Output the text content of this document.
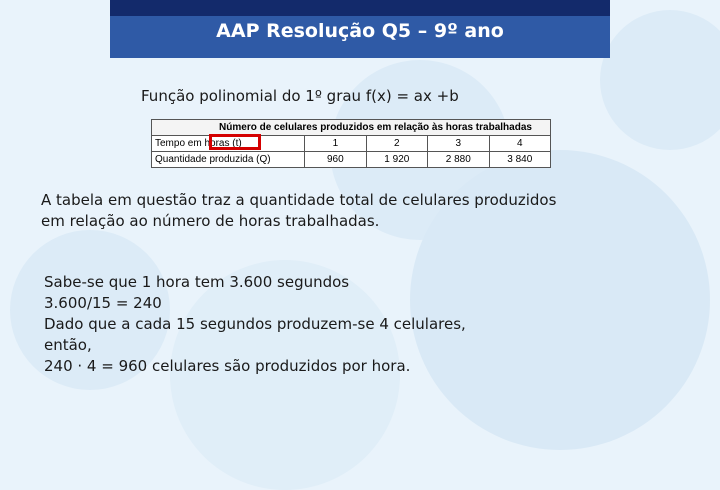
AAP Resolução Q5 – 9º ano
Função polinomial do 1º grau f(x) = ax +b
Número de celulares produzidos em relação às horas trabalhadas				
Tempo em horas (t)	1	2	3	4
Quantidade produzida (Q)	960	1 920	2 880	3 840

A tabela em questão traz a quantidade total de celulares produzidos em relação ao número de horas trabalhadas.

Sabe-se que 1 hora tem 3.600 segundos
3.600/15 = 240
Dado que a cada 15 segundos produzem-se 4 celulares,
então,
240 · 4 = 960 celulares são produzidos por hora.
